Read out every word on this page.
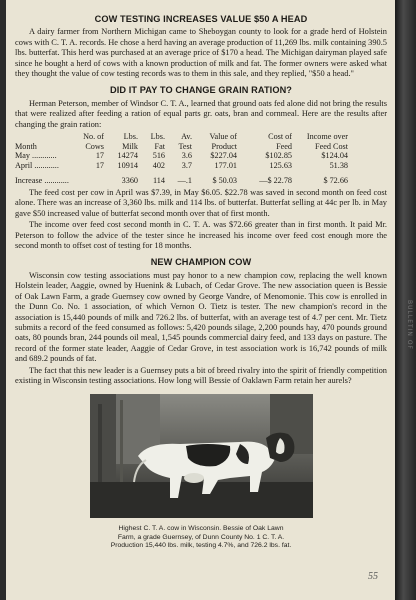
COW TESTING INCREASES VALUE $50 A HEAD

A dairy farmer from Northern Michigan came to Sheboygan county to look for a grade herd of Holstein cows with C. T. A. records. He chose a herd having an average production of 11,269 lbs. milk containing 390.5 lbs. butterfat. This herd was purchased at an average price of $170 a head. The Michigan dairyman played safe since he bought a herd of cows with a known production of milk and fat. The former owners were asked what they thought the value of cow testing records was to them in this sale, and they replied, "$50 a head."

DID IT PAY TO CHANGE GRAIN RATION?

Herman Peterson, member of Windsor C. T. A., learned that ground oats fed alone did not bring the results that were realized after feeding a ration of equal parts gr. oats, bran and cornmeal. Here are the results after changing the grain ration:

	No. of	Lbs.	Lbs.	Av.	Value of	Cost of	Income over
Month	Cows	Milk	Fat	Test	Product	Feed	Feed Cost
May ............	17	14274	516	3.6	$227.04	$102.85	$124.04
April ............	17	10914	402	3.7	177.01	125.63	51.38

Increase ............		3360	114	—.1	$ 50.03	—$ 22.78	$ 72.66

The feed cost per cow in April was $7.39, in May $6.05. $22.78 was saved in second month on feed cost alone. There was an increase of 3,360 lbs. milk and 114 lbs. of butterfat. Butterfat selling at 44c per lb. in May gave $50 increased value of butterfat second month over that of first month.

The income over feed cost second month in C. T. A. was $72.66 greater than in first month. It paid Mr. Peterson to follow the advice of the tester since he increased his income over feed cost enough more the second month to offset cost of testing for 18 months.

NEW CHAMPION COW

Wisconsin cow testing associations must pay honor to a new champion cow, replacing the well known Holstein leader, Aaggie, owned by Huenink & Lubach, of Cedar Grove. The new association queen is Bessie of Oak Lawn Farm, a grade Guernsey cow owned by George Vandre, of Menomonie. This cow is enrolled in the Dunn Co. No. 1 association, of which Vernon O. Tietz is tester. The new champion's record in the association is 15,440 pounds of milk and 726.2 lbs. of butterfat, with an average test of 4.7 per cent. Mr. Tietz submits a record of the feed consumed as follows: 5,420 pounds silage, 2,200 pounds hay, 470 pounds ground oats, 80 pounds bran, 244 pounds oil meal, 1,545 pounds commercial dairy feed, and 133 days on pasture. The record of the former state leader, Aaggie of Cedar Grove, in test association work is 16,742 pounds of milk and 689.2 pounds of fat.

The fact that this new leader is a Guernsey puts a bit of breed rivalry into the spirit of friendly competition existing in Wisconsin testing associations. How long will Bessie of Oaklawn Farm retain her aurels?

Highest C. T. A. cow in Wisconsin. Bessie of Oak Lawn
Farm, a grade Guernsey, of Dunn County No. 1 C. T. A.
Production 15,440 lbs. milk, testing 4.7%, and 726.2 lbs. fat.
55
BULLETIN OF
